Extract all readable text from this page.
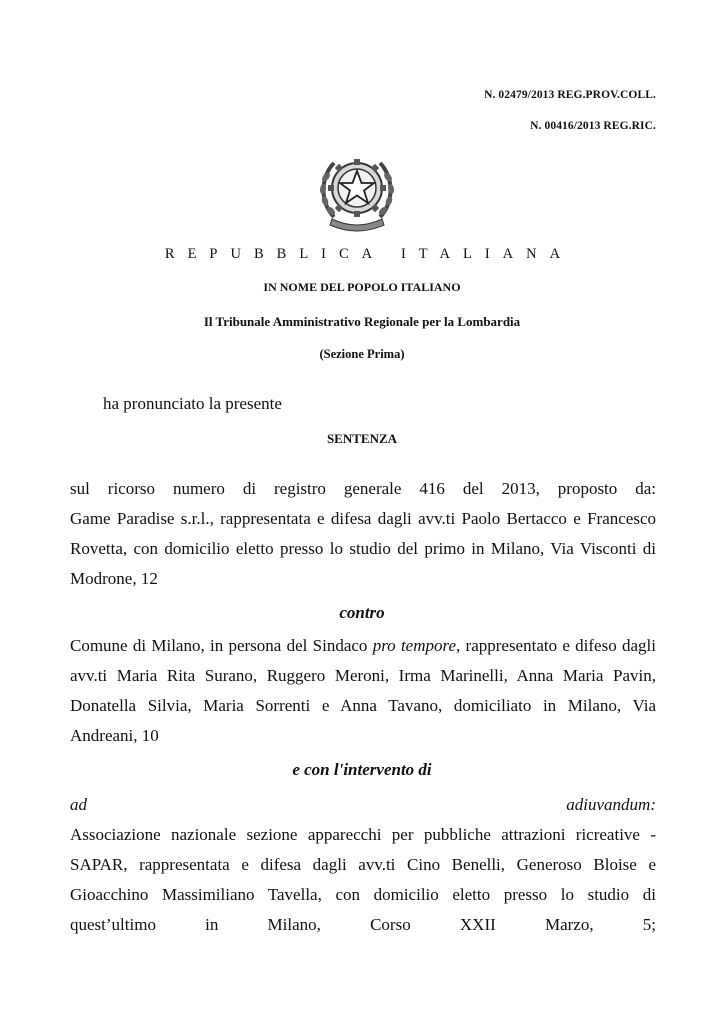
N. 02479/2013 REG.PROV.COLL.
N. 00416/2013 REG.RIC.
REPUBBLICA ITALIANA
IN NOME DEL POPOLO ITALIANO
Il Tribunale Amministrativo Regionale per la Lombardia
(Sezione Prima)
ha pronunciato la presente
SENTENZA
sul ricorso numero di registro generale 416 del 2013, proposto da:
Game Paradise s.r.l., rappresentata e difesa dagli avv.ti Paolo Bertacco e Francesco
Rovetta, con domicilio eletto presso lo studio del primo in Milano, Via Visconti di
Modrone, 12
contro
Comune di Milano, in persona del Sindaco pro tempore, rappresentato e difeso dagli
avv.ti Maria Rita Surano, Ruggero Meroni, Irma Marinelli, Anna Maria Pavin,
Donatella Silvia, Maria Sorrenti e Anna Tavano, domiciliato in Milano, Via
Andreani, 10
e con l'intervento di
ad	adiuvandum:
Associazione nazionale sezione apparecchi per pubbliche attrazioni ricreative -
SAPAR, rappresentata e difesa dagli avv.ti Cino Benelli, Generoso Bloise e
Gioacchino Massimiliano Tavella, con domicilio eletto presso lo studio di
quest’ultimo in Milano, Corso XXII Marzo, 5;
